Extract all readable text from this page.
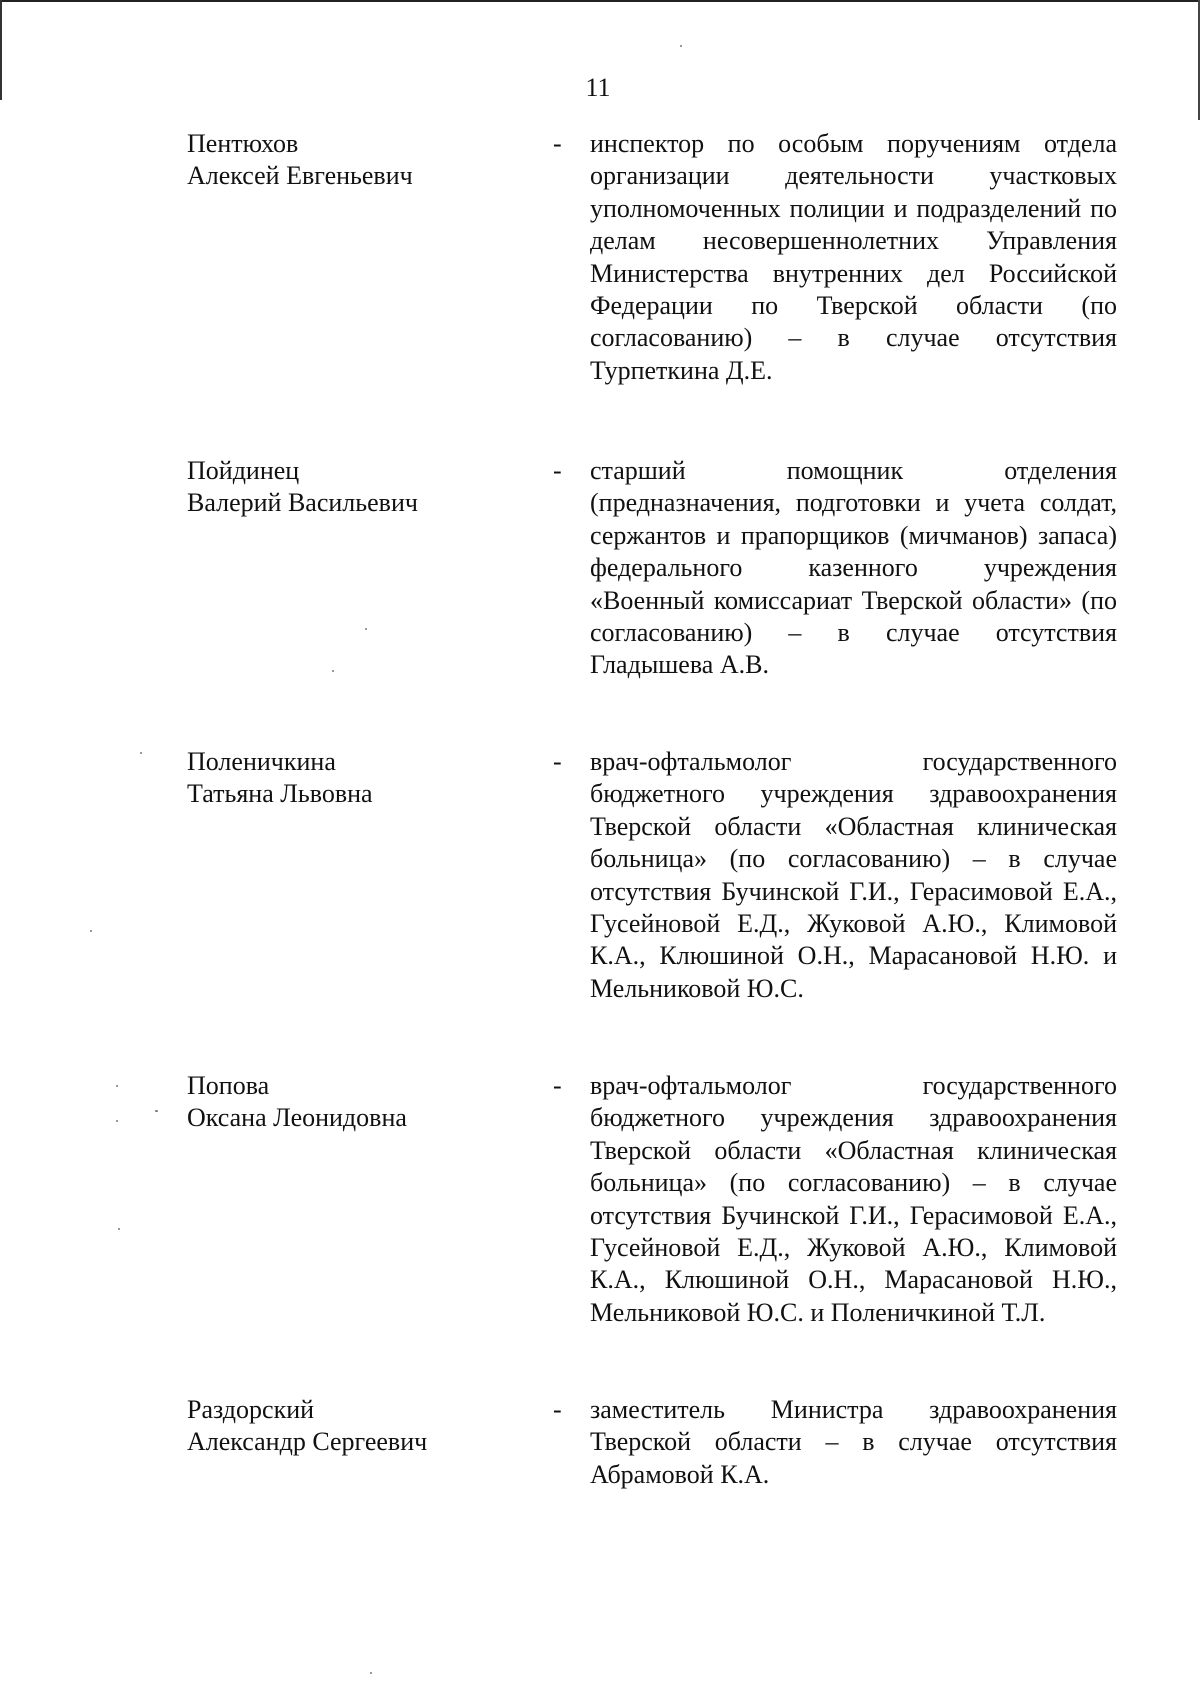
11
Пентюхов
Алексей Евгеньевич
- инспектор по особым поручениям отдела организации деятельности участковых уполномоченных полиции и подразделений по делам несовершеннолетних Управления Министерства внутренних дел Российской Федерации по Тверской области (по согласованию) – в случае отсутствия Турпеткина Д.Е.
Пойдинец
Валерий Васильевич
- старший помощник отделения (предназначения, подготовки и учета солдат, сержантов и прапорщиков (мичманов) запаса) федерального казенного учреждения «Военный комиссариат Тверской области» (по согласованию) – в случае отсутствия Гладышева А.В.
Поленичкина
Татьяна Львовна
- врач-офтальмолог государственного бюджетного учреждения здравоохранения Тверской области «Областная клиническая больница» (по согласованию) – в случае отсутствия Бучинской Г.И., Герасимовой Е.А., Гусейновой Е.Д., Жуковой А.Ю., Климовой К.А., Клюшиной О.Н., Марасановой Н.Ю. и Мельниковой Ю.С.
Попова
Оксана Леонидовна
- врач-офтальмолог государственного бюджетного учреждения здравоохранения Тверской области «Областная клиническая больница» (по согласованию) – в случае отсутствия Бучинской Г.И., Герасимовой Е.А., Гусейновой Е.Д., Жуковой А.Ю., Климовой К.А., Клюшиной О.Н., Марасановой Н.Ю., Мельниковой Ю.С. и Поленичкиной Т.Л.
Раздорский
Александр Сергеевич
- заместитель Министра здравоохранения Тверской области – в случае отсутствия Абрамовой К.А.
